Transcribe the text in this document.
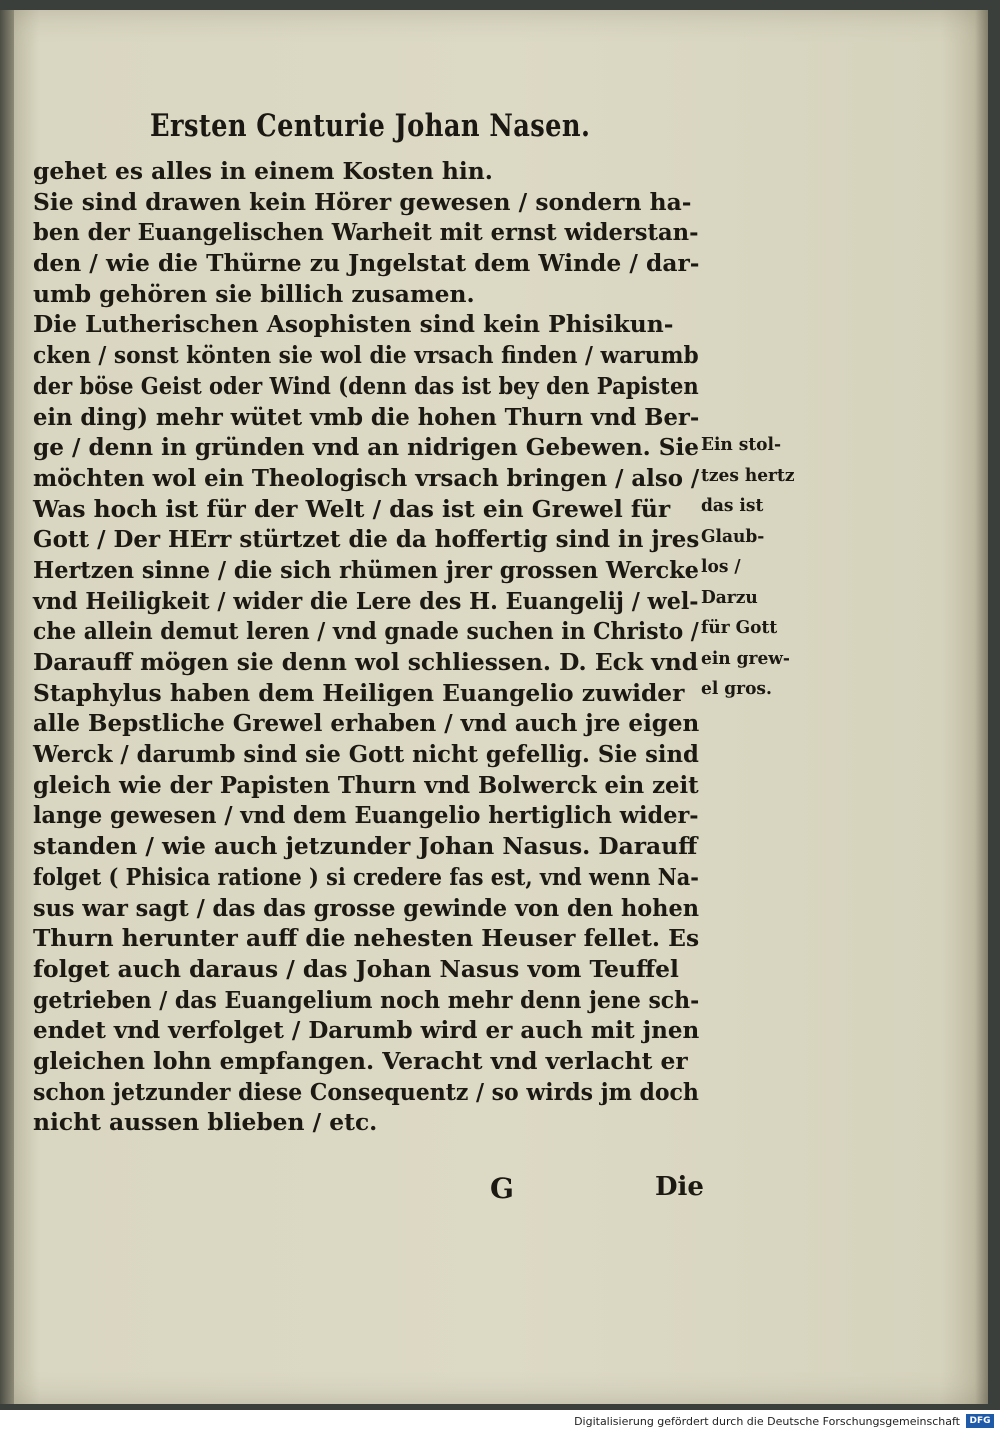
Ersten Centurie Johan Nasen.
gehet es alles in einem Kosten hin.
Sie sind drawen kein Hörer gewesen / sondern ha-
ben der Euangelischen Warheit mit ernst widerstan-
den / wie die Thürne zu Jngelstat dem Winde / dar-
umb gehören sie billich zusamen.
Die Lutherischen Asophisten sind kein Phisikun-
cken / sonst könten sie wol die vrsach finden / warumb
der böse Geist oder Wind (denn das ist bey den Papisten
ein ding) mehr wütet vmb die hohen Thurn vnd Ber-
ge / denn in gründen vnd an nidrigen Gebewen. Sie
möchten wol ein Theologisch vrsach bringen / also /
Was hoch ist für der Welt / das ist ein Grewel für
Gott / Der HErr stürtzet die da hoffertig sind in jres
Hertzen sinne / die sich rhümen jrer grossen Wercke
vnd Heiligkeit / wider die Lere des H. Euangelij / wel-
che allein demut leren / vnd gnade suchen in Christo /
Darauff mögen sie denn wol schliessen. D. Eck vnd
Staphylus haben dem Heiligen Euangelio zuwider
alle Bepstliche Grewel erhaben / vnd auch jre eigen
Werck / darumb sind sie Gott nicht gefellig. Sie sind
gleich wie der Papisten Thurn vnd Bolwerck ein zeit
lange gewesen / vnd dem Euangelio hertiglich wider-
standen / wie auch jetzunder Johan Nasus. Darauff
folget ( Phisica ratione ) si credere fas est, vnd wenn Na-
sus war sagt / das das grosse gewinde von den hohen
Thurn herunter auff die nehesten Heuser fellet. Es
folget auch daraus / das Johan Nasus vom Teuffel
getrieben / das Euangelium noch mehr denn jene sch-
endet vnd verfolget / Darumb wird er auch mit jnen
gleichen lohn empfangen. Veracht vnd verlacht er
schon jetzunder diese Consequentz / so wirds jm doch
nicht aussen blieben / etc.
Ein stol-
tzes hertz
das ist
Glaub-
los /
Darzu
für Gott
ein grew-
el gros.
G	Die
Digitalisierung gefördert durch die Deutsche Forschungsgemeinschaft	DFG
